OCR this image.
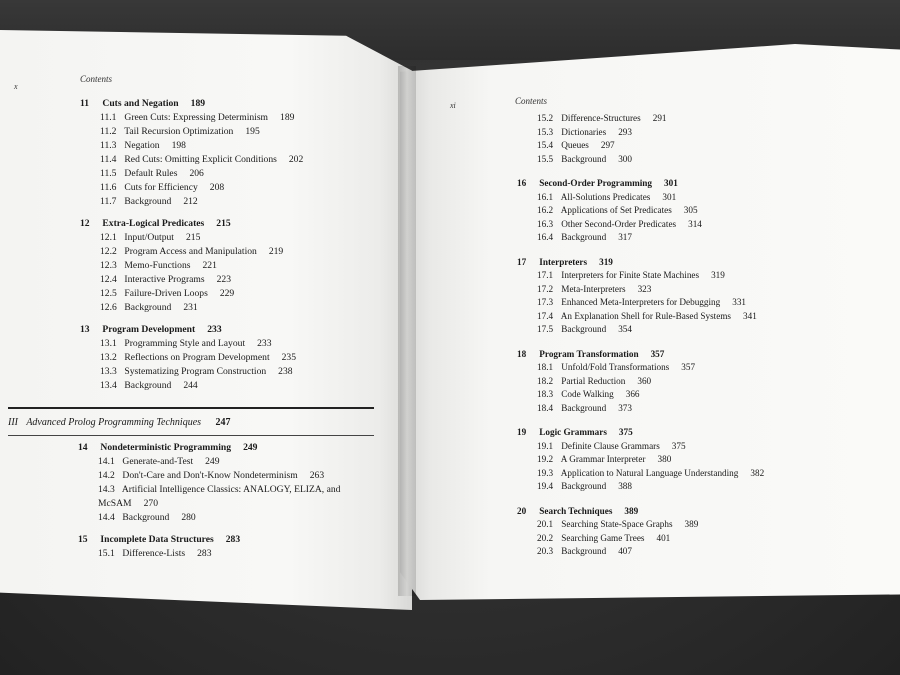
x
Contents
11 Cuts and Negation 189
11.1 Green Cuts: Expressing Determinism 189
11.2 Tail Recursion Optimization 195
11.3 Negation 198
11.4 Red Cuts: Omitting Explicit Conditions 202
11.5 Default Rules 206
11.6 Cuts for Efficiency 208
11.7 Background 212
12 Extra-Logical Predicates 215
12.1 Input/Output 215
12.2 Program Access and Manipulation 219
12.3 Memo-Functions 221
12.4 Interactive Programs 223
12.5 Failure-Driven Loops 229
12.6 Background 231
13 Program Development 233
13.1 Programming Style and Layout 233
13.2 Reflections on Program Development 235
13.3 Systematizing Program Construction 238
13.4 Background 244
III Advanced Prolog Programming Techniques 247
14 Nondeterministic Programming 249
14.1 Generate-and-Test 249
14.2 Don't-Care and Don't-Know Nondeterminism 263
14.3 Artificial Intelligence Classics: ANALOGY, ELIZA, and
McSAM 270
14.4 Background 280
15 Incomplete Data Structures 283
15.1 Difference-Lists 283
xi	Contents
15.2 Difference-Structures 291
15.3 Dictionaries 293
15.4 Queues 297
15.5 Background 300
16 Second-Order Programming 301
16.1 All-Solutions Predicates 301
16.2 Applications of Set Predicates 305
16.3 Other Second-Order Predicates 314
16.4 Background 317
17 Interpreters 319
17.1 Interpreters for Finite State Machines 319
17.2 Meta-Interpreters 323
17.3 Enhanced Meta-Interpreters for Debugging 331
17.4 An Explanation Shell for Rule-Based Systems 341
17.5 Background 354
18 Program Transformation 357
18.1 Unfold/Fold Transformations 357
18.2 Partial Reduction 360
18.3 Code Walking 366
18.4 Background 373
19 Logic Grammars 375
19.1 Definite Clause Grammars 375
19.2 A Grammar Interpreter 380
19.3 Application to Natural Language Understanding 382
19.4 Background 388
20 Search Techniques 389
20.1 Searching State-Space Graphs 389
20.2 Searching Game Trees 401
20.3 Background 407
